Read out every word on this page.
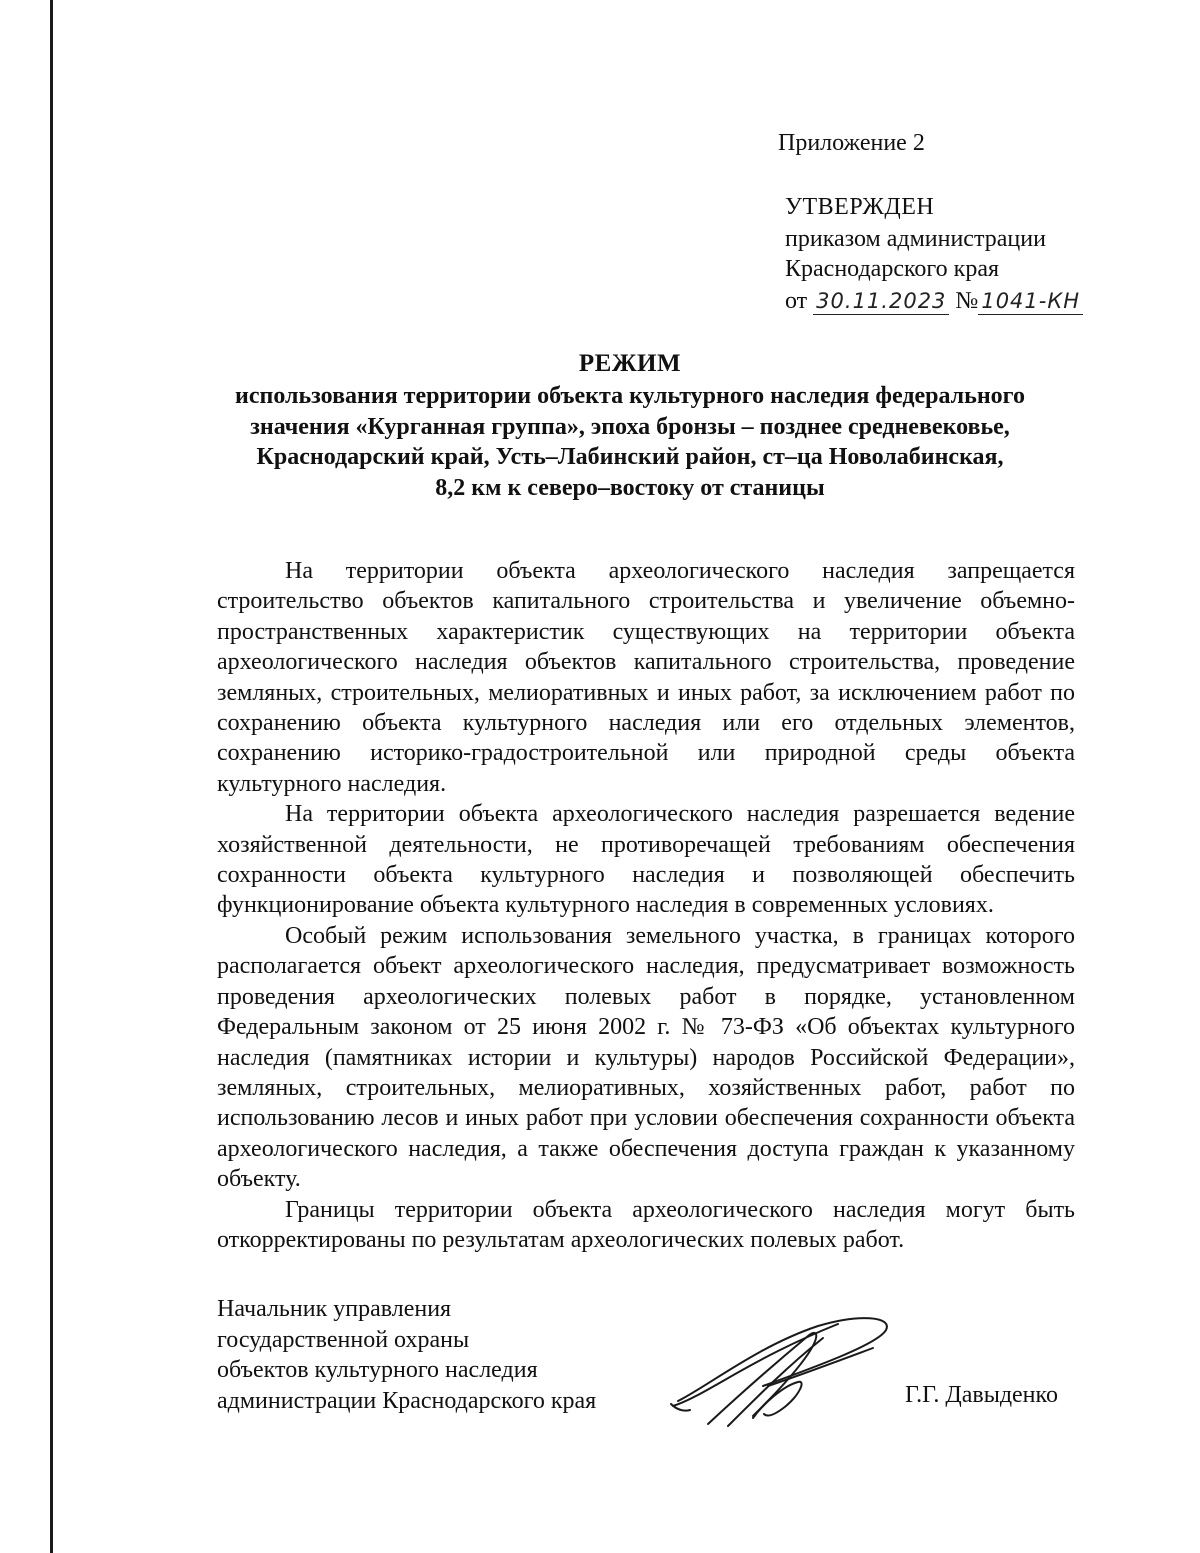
Приложение 2
УТВЕРЖДЕН
приказом администрации
Краснодарского края
от 30.11.2023 № 1041-КН
РЕЖИМ
использования территории объекта культурного наследия федерального
значения «Курганная группа», эпоха бронзы – позднее средневековье,
Краснодарский край, Усть–Лабинский район, ст–ца Новолабинская,
8,2 км к северо–востоку от станицы

На территории объекта археологического наследия запрещается строительство объектов капитального строительства и увеличение объемно-пространственных характеристик существующих на территории объекта археологического наследия объектов капитального строительства, проведение земляных, строительных, мелиоративных и иных работ, за исключением работ по сохранению объекта культурного наследия или его отдельных элементов, сохранению историко-градостроительной или природной среды объекта культурного наследия.

На территории объекта археологического наследия разрешается ведение хозяйственной деятельности, не противоречащей требованиям обеспечения сохранности объекта культурного наследия и позволяющей обеспечить функционирование объекта культурного наследия в современных условиях.

Особый режим использования земельного участка, в границах которого располагается объект археологического наследия, предусматривает возможность проведения археологических полевых работ в порядке, установленном Федеральным законом от 25 июня 2002 г. № 73-ФЗ «Об объектах культурного наследия (памятниках истории и культуры) народов Российской Федерации», земляных, строительных, мелиоративных, хозяйственных работ, работ по использованию лесов и иных работ при условии обеспечения сохранности объекта археологического наследия, а также обеспечения доступа граждан к указанному объекту.

Границы территории объекта археологического наследия могут быть откорректированы по результатам археологических полевых работ.

Начальник управления
государственной охраны
объектов культурного наследия
администрации Краснодарского края	Г.Г. Давыденко
